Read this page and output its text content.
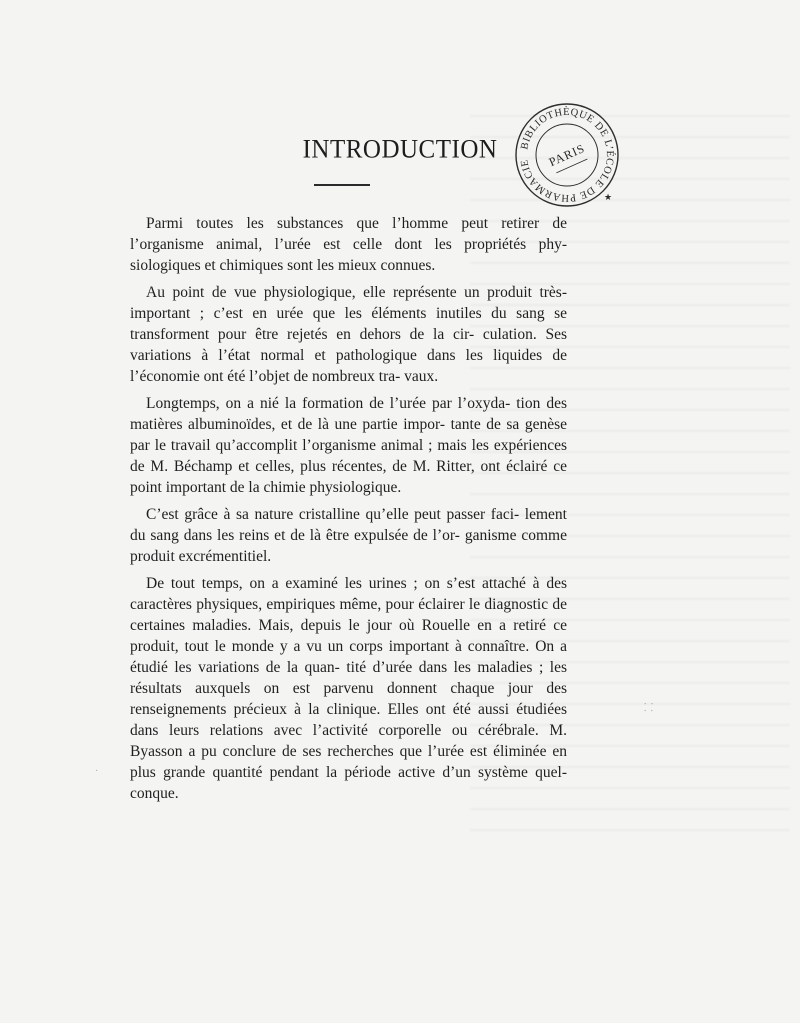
INTRODUCTION

Parmi toutes les substances que l’homme peut retirer de l’organisme animal, l’urée est celle dont les propriétés phy- siologiques et chimiques sont les mieux connues.

Au point de vue physiologique, elle représente un produit très-important ; c’est en urée que les éléments inutiles du sang se transforment pour être rejetés en dehors de la cir- culation. Ses variations à l’état normal et pathologique dans les liquides de l’économie ont été l’objet de nombreux tra- vaux.

Longtemps, on a nié la formation de l’urée par l’oxyda- tion des matières albuminoïdes, et de là une partie impor- tante de sa genèse par le travail qu’accomplit l’organisme animal ; mais les expériences de M. Béchamp et celles, plus récentes, de M. Ritter, ont éclairé ce point important de la chimie physiologique.

C’est grâce à sa nature cristalline qu’elle peut passer faci- lement du sang dans les reins et de là être expulsée de l’or- ganisme comme produit excrémentitiel.

De tout temps, on a examiné les urines ; on s’est attaché à des caractères physiques, empiriques même, pour éclairer le diagnostic de certaines maladies. Mais, depuis le jour où Rouelle en a retiré ce produit, tout le monde y a vu un corps important à connaître. On a étudié les variations de la quan- tité d’urée dans les maladies ; les résultats auxquels on est parvenu donnent chaque jour des renseignements précieux à la clinique. Elles ont été aussi étudiées dans leurs relations avec l’activité corporelle ou cérébrale. M. Byasson a pu conclure de ses recherches que l’urée est éliminée en plus grande quantité pendant la période active d’un système quel- conque.

BIBLIOTHÈQUE DE L’ÉCOLE DE PHARMACIE	PARIS
★
⸬
·
